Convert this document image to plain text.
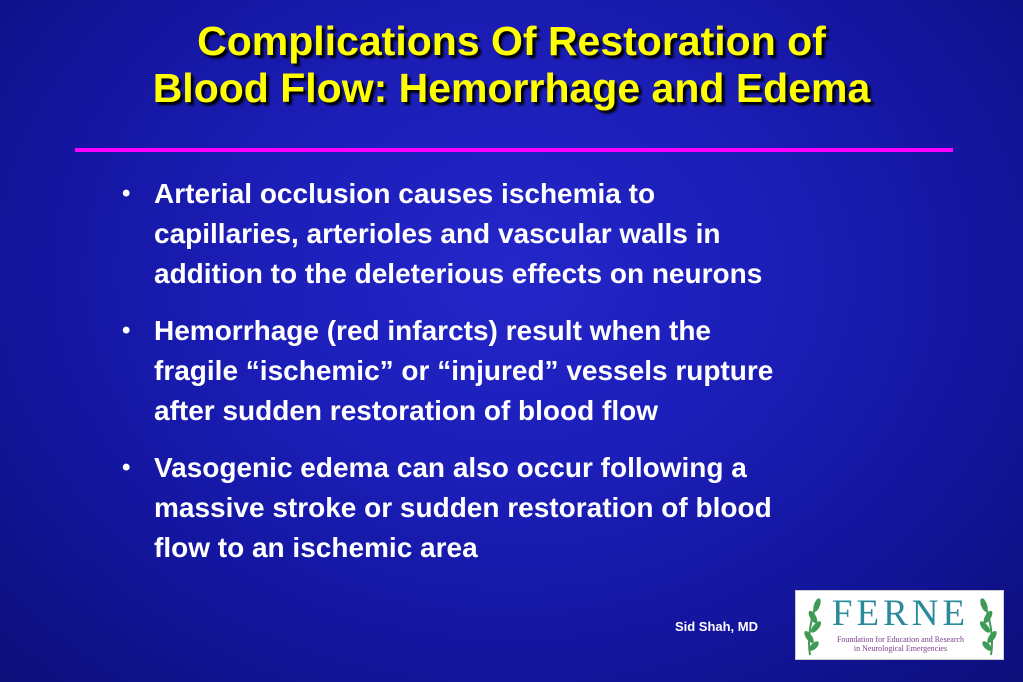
Complications Of Restoration of
Blood Flow: Hemorrhage and Edema
• Arterial occlusion causes ischemia to
capillaries, arterioles and vascular walls in
addition to the deleterious effects on neurons
• Hemorrhage (red infarcts) result when the
fragile “ischemic” or “injured” vessels rupture
after sudden restoration of blood flow
• Vasogenic edema can also occur following a
massive stroke or sudden restoration of blood
flow to an ischemic area
Sid Shah, MD	FERNE
Foundation for Education and Research
in Neurological Emergencies
